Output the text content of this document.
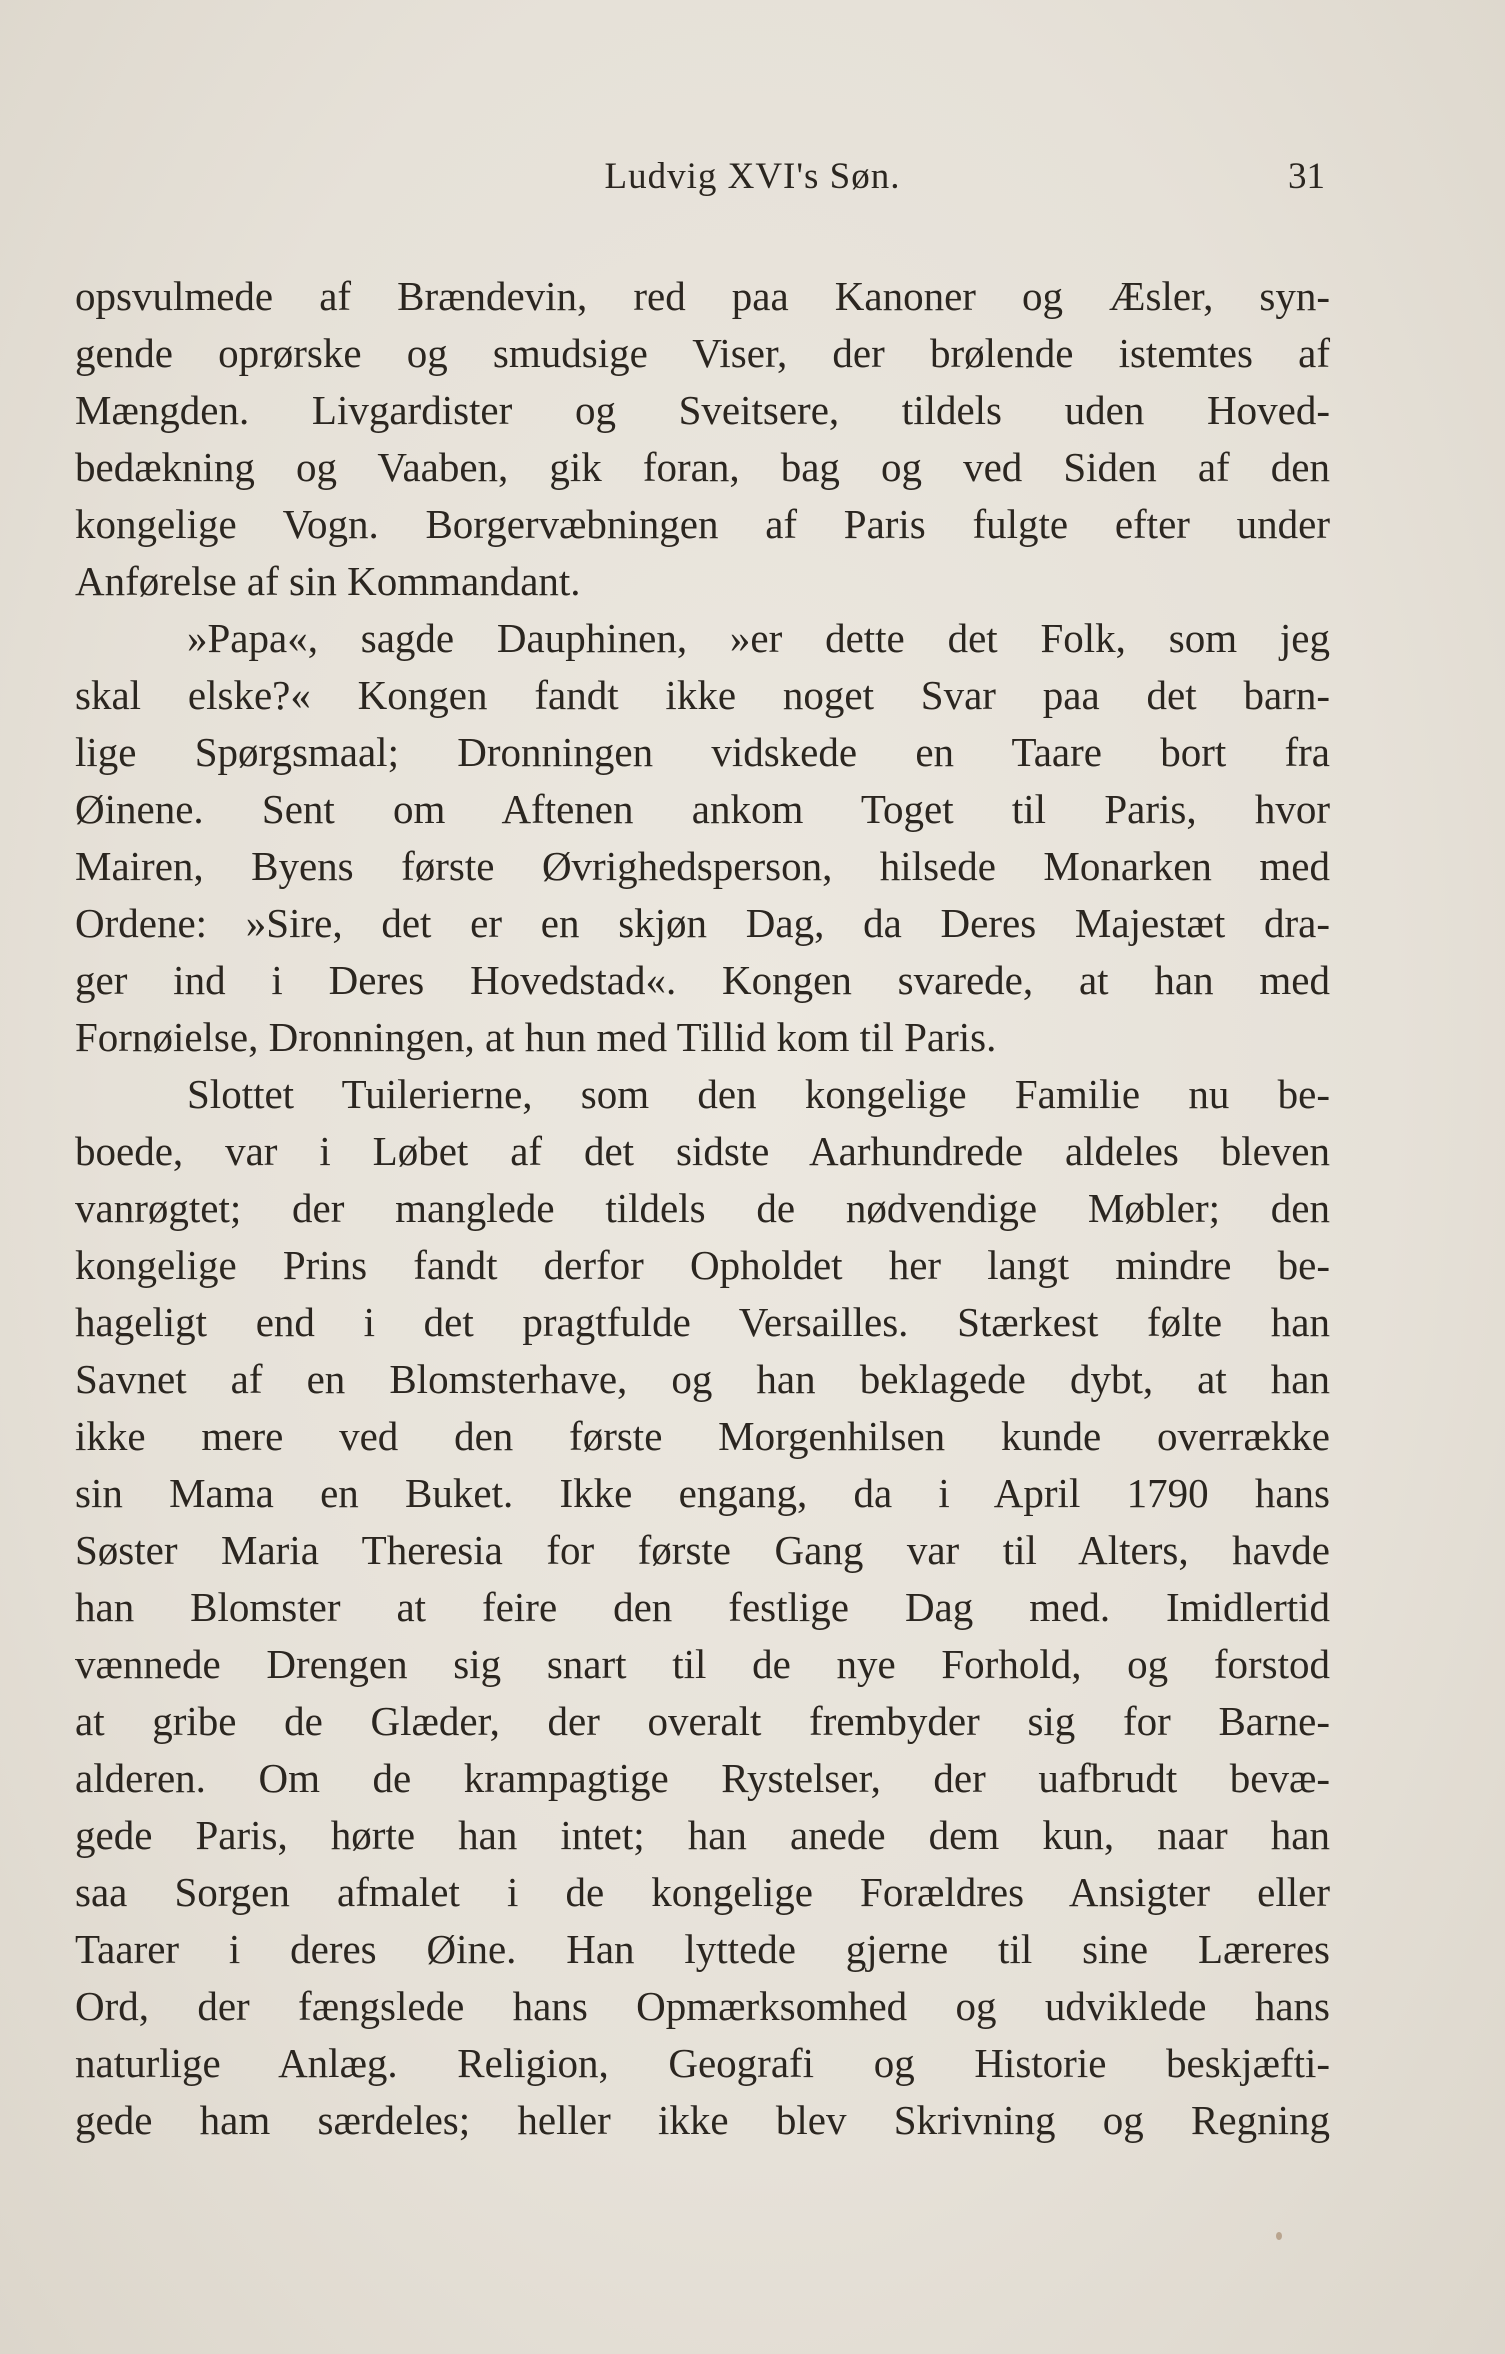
Ludvig XVI's Søn.	31
opsvulmede af Brændevin, red paa Kanoner og Æsler, syn-
gende oprørske og smudsige Viser, der brølende istemtes af
Mængden. Livgardister og Sveitsere, tildels uden Hoved-
bedækning og Vaaben, gik foran, bag og ved Siden af den
kongelige Vogn. Borgervæbningen af Paris fulgte efter under
Anførelse af sin Kommandant.
»Papa«, sagde Dauphinen, »er dette det Folk, som jeg
skal elske?« Kongen fandt ikke noget Svar paa det barn-
lige Spørgsmaal; Dronningen vidskede en Taare bort fra
Øinene. Sent om Aftenen ankom Toget til Paris, hvor
Mairen, Byens første Øvrighedsperson, hilsede Monarken med
Ordene: »Sire, det er en skjøn Dag, da Deres Majestæt dra-
ger ind i Deres Hovedstad«. Kongen svarede, at han med
Fornøielse, Dronningen, at hun med Tillid kom til Paris.
Slottet Tuilerierne, som den kongelige Familie nu be-
boede, var i Løbet af det sidste Aarhundrede aldeles bleven
vanrøgtet; der manglede tildels de nødvendige Møbler; den
kongelige Prins fandt derfor Opholdet her langt mindre be-
hageligt end i det pragtfulde Versailles. Stærkest følte han
Savnet af en Blomsterhave, og han beklagede dybt, at han
ikke mere ved den første Morgenhilsen kunde overrække
sin Mama en Buket. Ikke engang, da i April 1790 hans
Søster Maria Theresia for første Gang var til Alters, havde
han Blomster at feire den festlige Dag med. Imidlertid
vænnede Drengen sig snart til de nye Forhold, og forstod
at gribe de Glæder, der overalt frembyder sig for Barne-
alderen. Om de krampagtige Rystelser, der uafbrudt bevæ-
gede Paris, hørte han intet; han anede dem kun, naar han
saa Sorgen afmalet i de kongelige Forældres Ansigter eller
Taarer i deres Øine. Han lyttede gjerne til sine Læreres
Ord, der fængslede hans Opmærksomhed og udviklede hans
naturlige Anlæg. Religion, Geografi og Historie beskjæfti-
gede ham særdeles; heller ikke blev Skrivning og Regning
